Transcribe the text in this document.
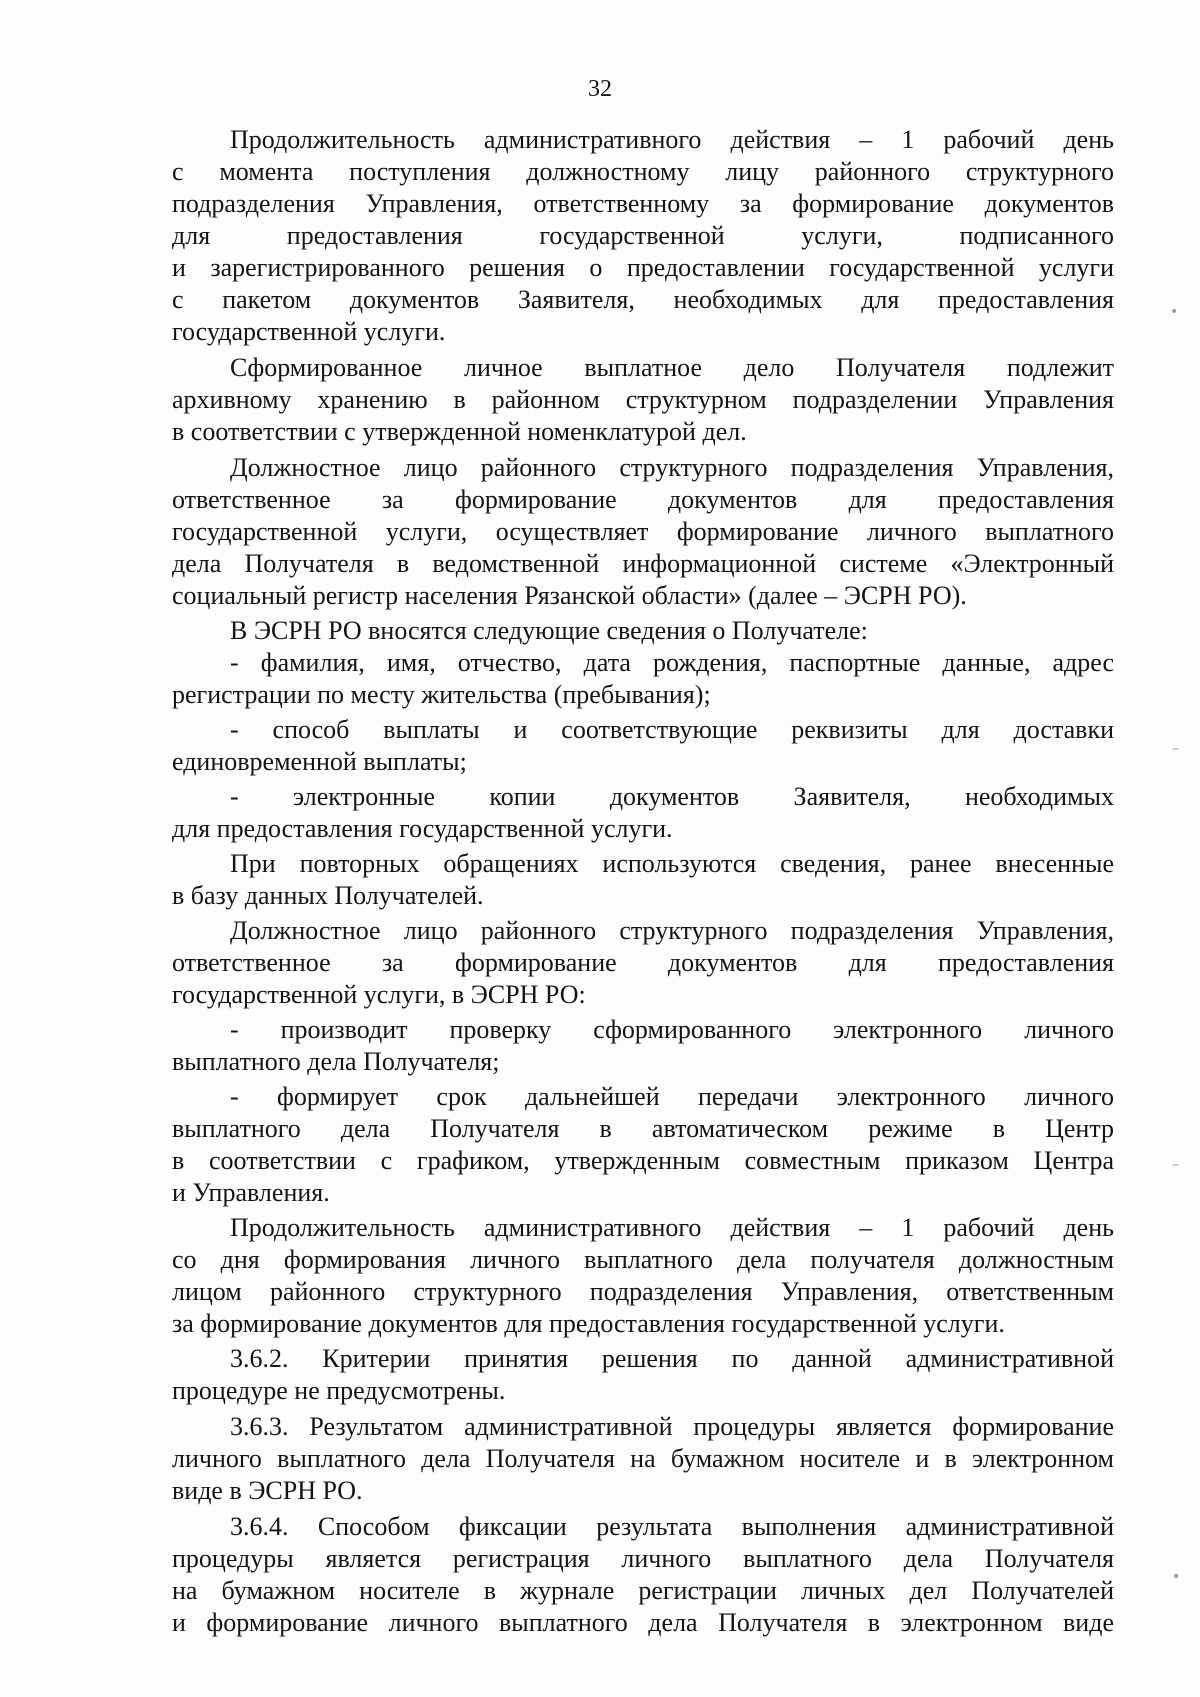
32
Продолжительность административного действия – 1 рабочий день
с момента поступления должностному лицу районного структурного
подразделения Управления, ответственному за формирование документов
для предоставления государственной услуги, подписанного
и зарегистрированного решения о предоставлении государственной услуги
с пакетом документов Заявителя, необходимых для предоставления
государственной услуги.
Сформированное личное выплатное дело Получателя подлежит
архивному хранению в районном структурном подразделении Управления
в соответствии с утвержденной номенклатурой дел.
Должностное лицо районного структурного подразделения Управления,
ответственное за формирование документов для предоставления
государственной услуги, осуществляет формирование личного выплатного
дела Получателя в ведомственной информационной системе «Электронный
социальный регистр населения Рязанской области» (далее – ЭСРН РО).
В ЭСРН РО вносятся следующие сведения о Получателе:
- фамилия, имя, отчество, дата рождения, паспортные данные, адрес
регистрации по месту жительства (пребывания);
- способ выплаты и соответствующие реквизиты для доставки
единовременной выплаты;
- электронные копии документов Заявителя, необходимых
для предоставления государственной услуги.
При повторных обращениях используются сведения, ранее внесенные
в базу данных Получателей.
Должностное лицо районного структурного подразделения Управления,
ответственное за формирование документов для предоставления
государственной услуги, в ЭСРН РО:
- производит проверку сформированного электронного личного
выплатного дела Получателя;
- формирует срок дальнейшей передачи электронного личного
выплатного дела Получателя в автоматическом режиме в Центр
в соответствии с графиком, утвержденным совместным приказом Центра
и Управления.
Продолжительность административного действия – 1 рабочий день
со дня формирования личного выплатного дела получателя должностным
лицом районного структурного подразделения Управления, ответственным
за формирование документов для предоставления государственной услуги.
3.6.2. Критерии принятия решения по данной административной
процедуре не предусмотрены.
3.6.3. Результатом административной процедуры является формирование
личного выплатного дела Получателя на бумажном носителе и в электронном
виде в ЭСРН РО.
3.6.4. Способом фиксации результата выполнения административной
процедуры является регистрация личного выплатного дела Получателя
на бумажном носителе в журнале регистрации личных дел Получателей
и формирование личного выплатного дела Получателя в электронном виде
•
–
–
•
